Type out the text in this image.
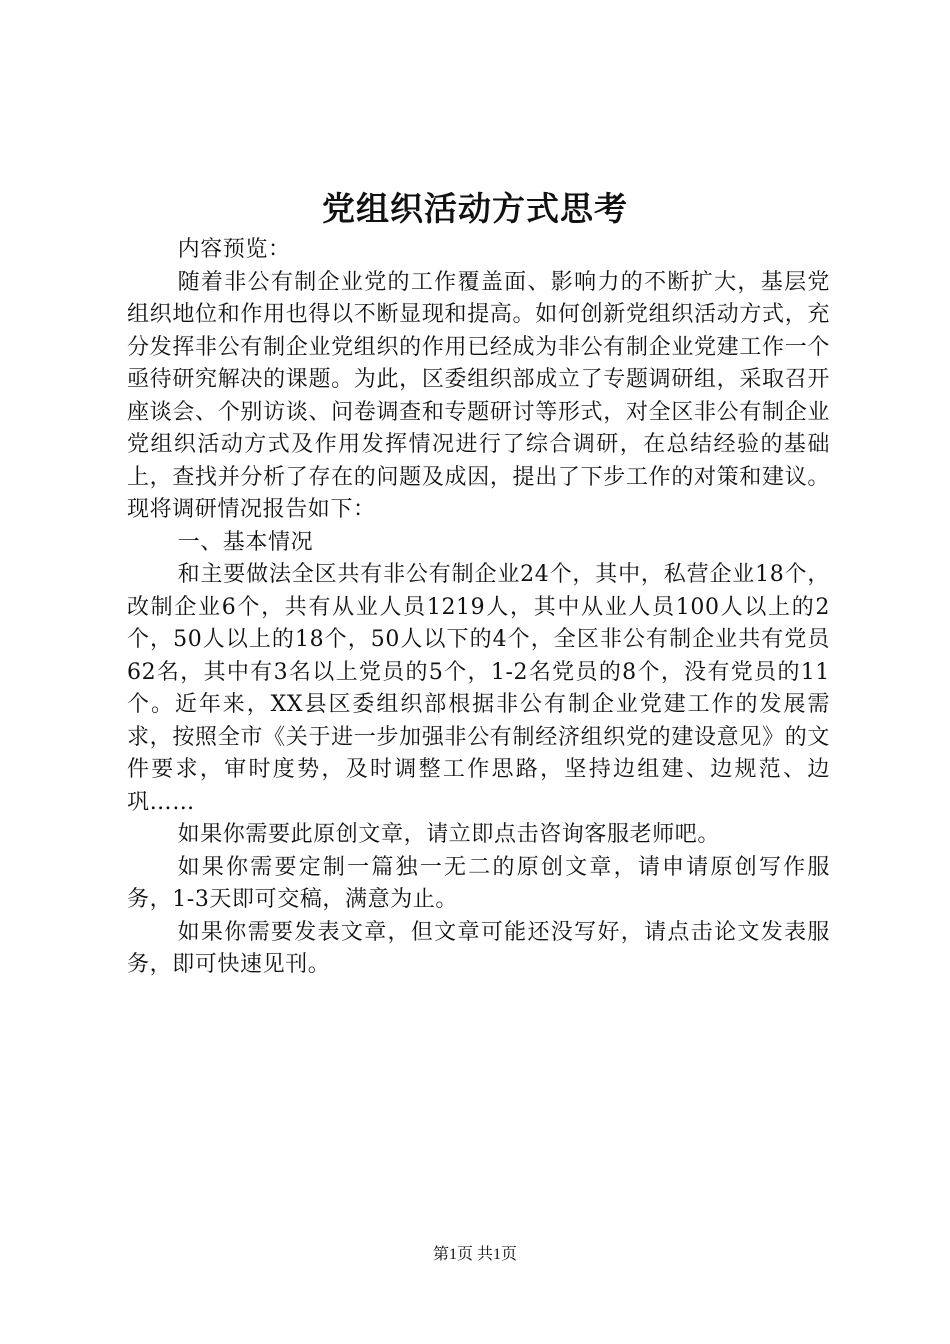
党组织活动方式思考

内容预览：

随着非公有制企业党的工作覆盖面、影响力的不断扩大，基层党组织地位和作用也得以不断显现和提高。如何创新党组织活动方式，充分发挥非公有制企业党组织的作用已经成为非公有制企业党建工作一个亟待研究解决的课题。为此，区委组织部成立了专题调研组，采取召开座谈会、个别访谈、问卷调查和专题研讨等形式，对全区非公有制企业党组织活动方式及作用发挥情况进行了综合调研，在总结经验的基础上，查找并分析了存在的问题及成因，提出了下步工作的对策和建议。现将调研情况报告如下：

一、基本情况

和主要做法全区共有非公有制企业24个，其中，私营企业18个，改制企业6个，共有从业人员1219人，其中从业人员100人以上的2个，50人以上的18个，50人以下的4个，全区非公有制企业共有党员62名，其中有3名以上党员的5个，1-2名党员的8个，没有党员的11个。近年来，XX县区委组织部根据非公有制企业党建工作的发展需求，按照全市《关于进一步加强非公有制经济组织党的建设意见》的文件要求，审时度势，及时调整工作思路，坚持边组建、边规范、边巩……

如果你需要此原创文章，请立即点击咨询客服老师吧。

如果你需要定制一篇独一无二的原创文章，请申请原创写作服务，1-3天即可交稿，满意为止。

如果你需要发表文章，但文章可能还没写好，请点击论文发表服务，即可快速见刊。

第1页 共1页
